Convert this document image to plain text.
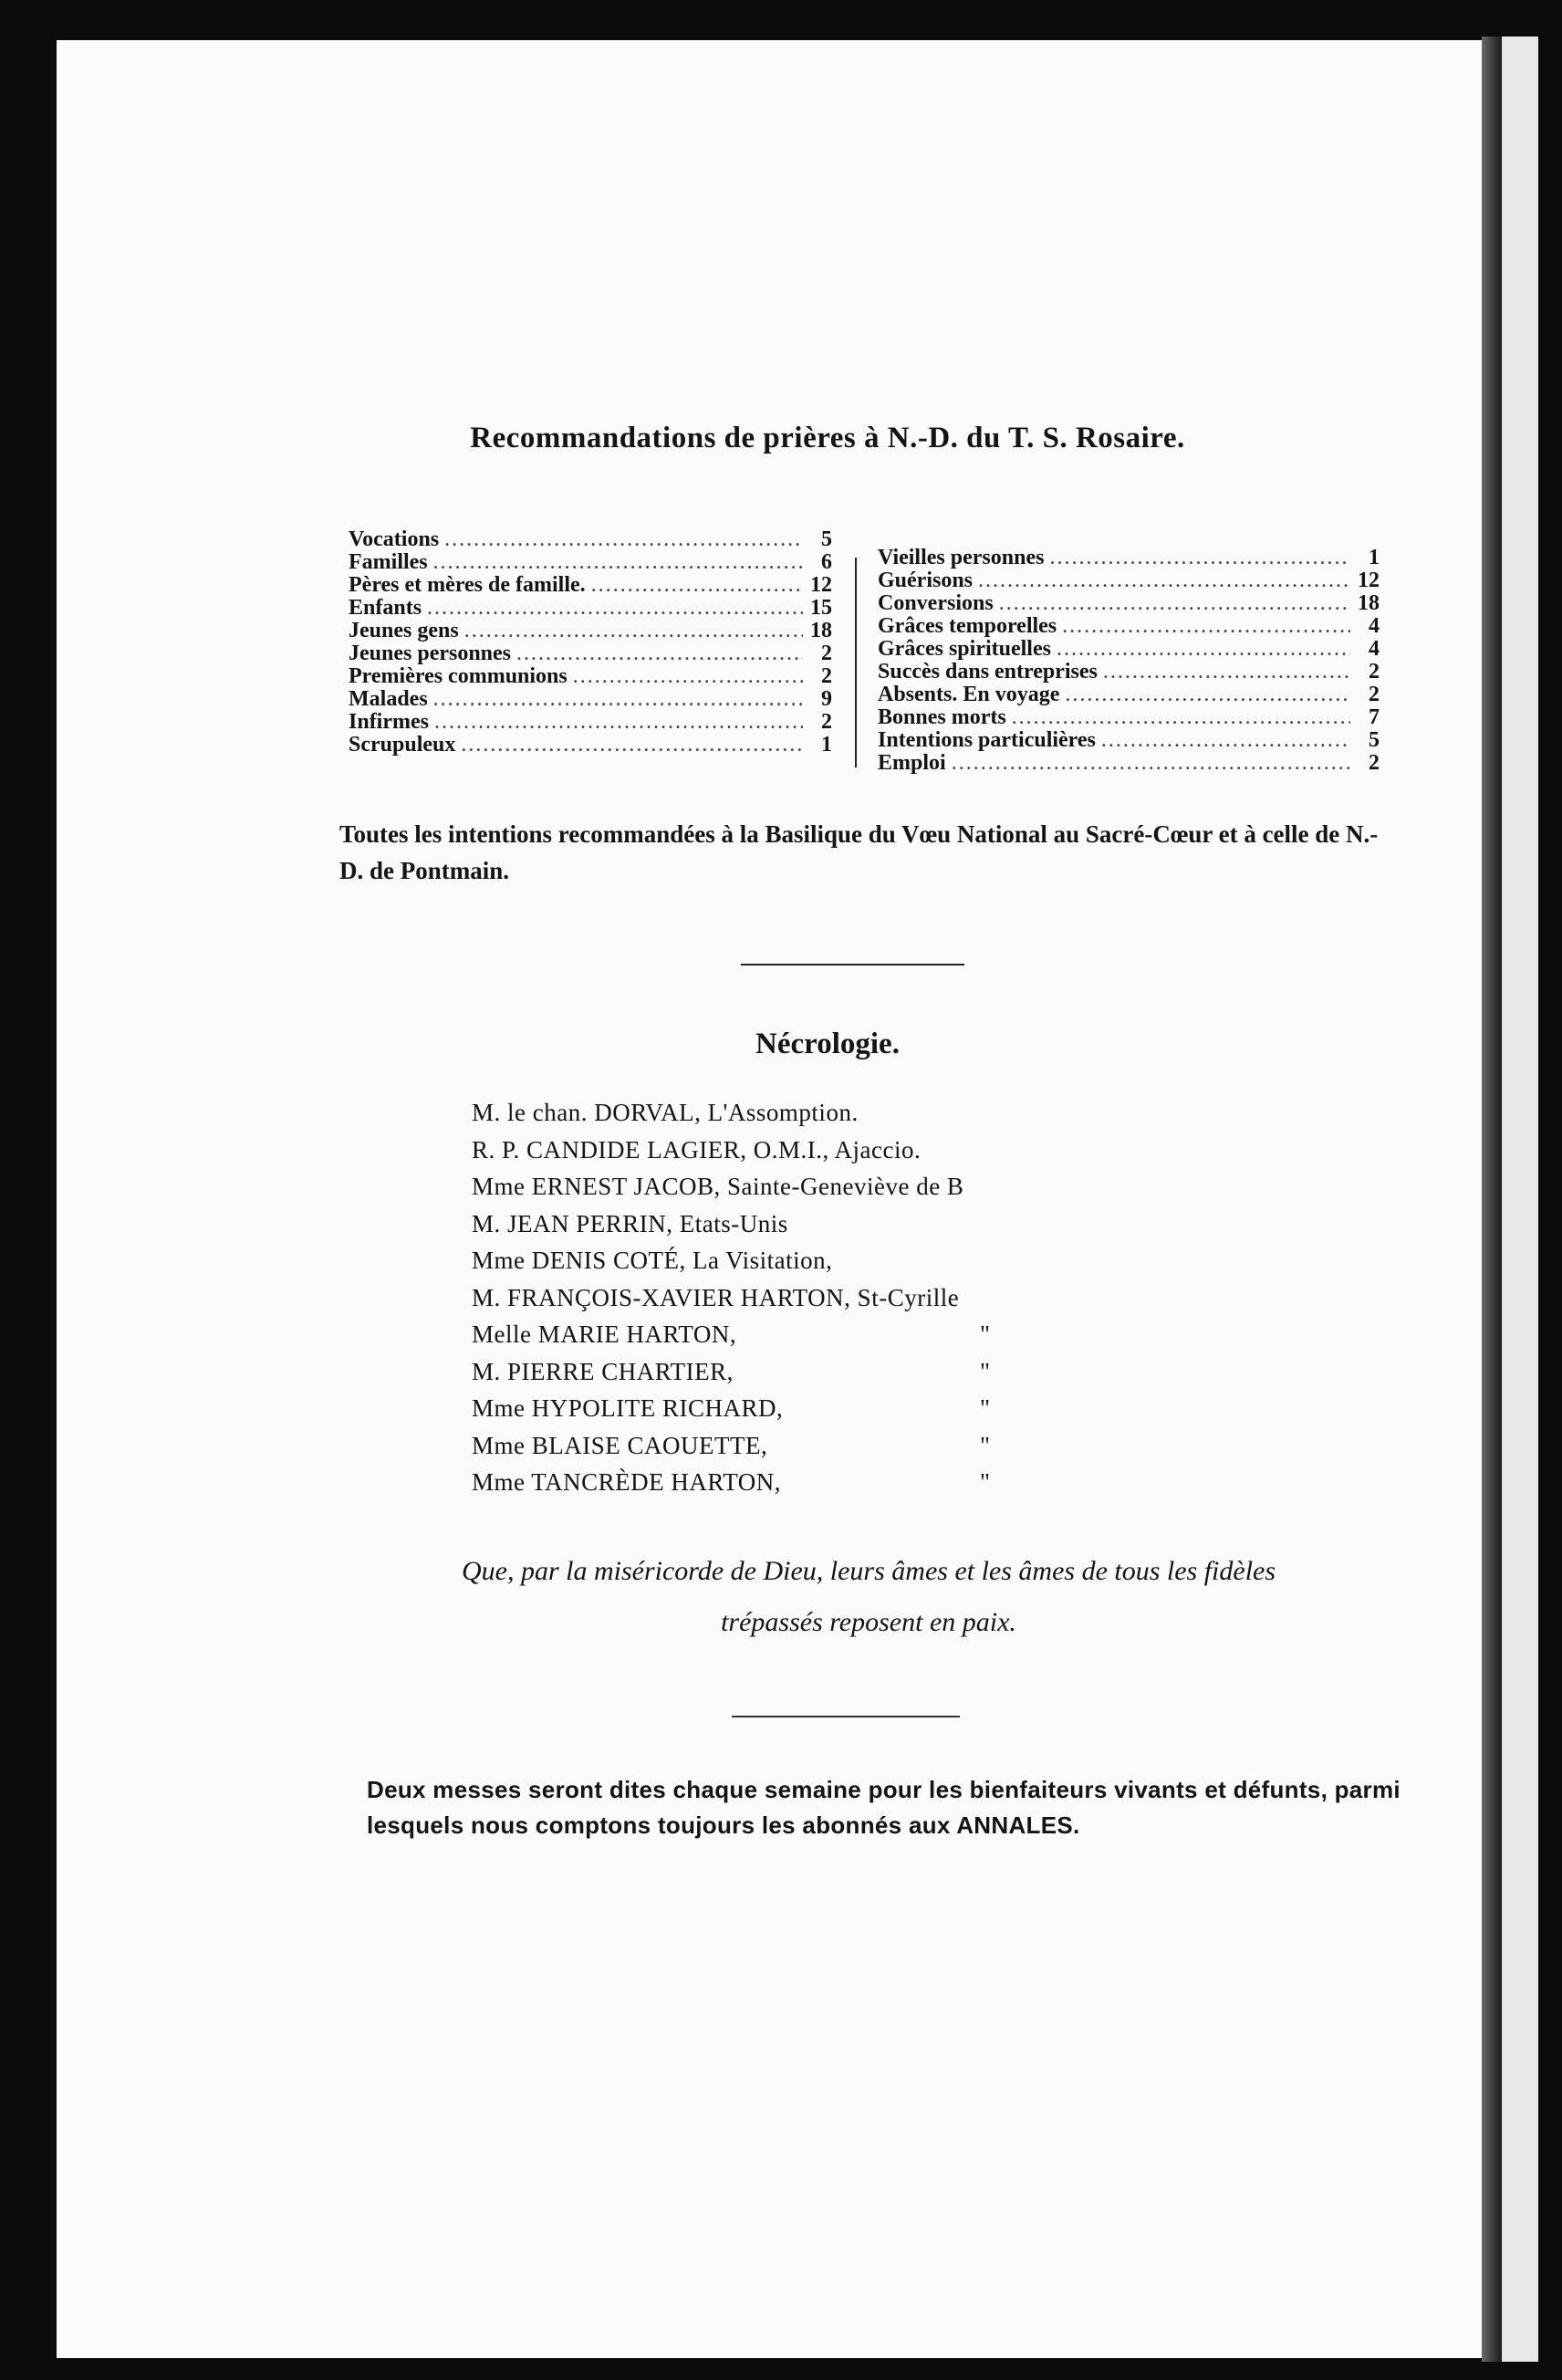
Recommandations de prières à N.-D. du T. S. Rosaire.
Vocations .....	5
Familles .....	6
Pères et mères de famille. .....	12
Enfants .....	15
Jeunes gens .....	18
Jeunes personnes .....	2
Premières communions .....	2
Malades .....	9
Infirmes .....	2
Scrupuleux .....	1
Vieilles personnes .....	1
Guérisons .....	12
Conversions .....	18
Grâces temporelles .....	4
Grâces spirituelles .....	4
Succès dans entreprises .....	2
Absents. En voyage .....	2
Bonnes morts .....	7
Intentions particulières .....	5
Emploi .....	2

Toutes les intentions recommandées à la Basilique du Vœu National au Sacré-Cœur et à celle de N.-D. de Pontmain.

Nécrologie.
M. le chan. DORVAL, L'Assomption.
R. P. CANDIDE LAGIER, O.M.I., Ajaccio.
Mme ERNEST JACOB, Sainte-Geneviève de B
M. JEAN PERRIN, Etats-Unis
Mme DENIS COTÉ, La Visitation,
M. FRANÇOIS-XAVIER HARTON, St-Cyrille
Melle MARIE HARTON,	"
M. PIERRE CHARTIER,	"
Mme HYPOLITE RICHARD,	"
Mme BLAISE CAOUETTE,	"
Mme TANCRÈDE HARTON,	"

Que, par la miséricorde de Dieu, leurs âmes et les âmes de tous les fidèles
trépassés reposent en paix.

Deux messes seront dites chaque semaine pour les bienfaiteurs vivants et défunts, parmi lesquels nous comptons toujours les abonnés aux ANNALES.
